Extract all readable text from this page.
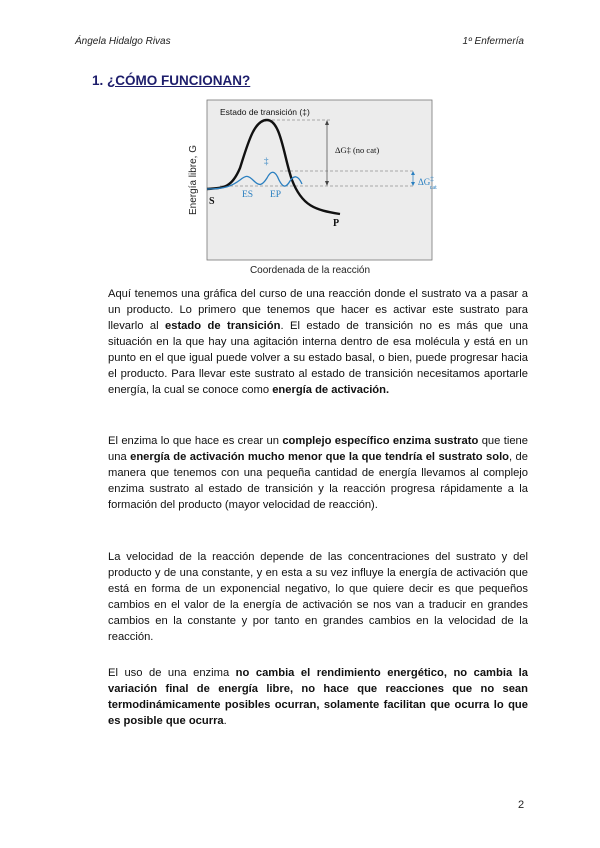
Ángela Hidalgo Rivas	1º Enfermería
1. ¿CÓMO FUNCIONAN?
Energía libre, G
Estado de transición (‡)
ΔG‡ (no cat)
ΔG‡ cat
‡
S
P
ES EP
Coordenada de la reacción
Aquí tenemos una gráfica del curso de una reacción donde el sustrato va a pasar a un producto. Lo primero que tenemos que hacer es activar este sustrato para llevarlo al estado de transición. El estado de transición no es más que una situación en la que hay una agitación interna dentro de esa molécula y está en un punto en el que igual puede volver a su estado basal, o bien, puede progresar hacia el producto. Para llevar este sustrato al estado de transición necesitamos aportarle energía, la cual se conoce como energía de activación.
El enzima lo que hace es crear un complejo específico enzima sustrato que tiene una energía de activación mucho menor que la que tendría el sustrato solo, de manera que tenemos con una pequeña cantidad de energía llevamos al complejo enzima sustrato al estado de transición y la reacción progresa rápidamente a la formación del producto (mayor velocidad de reacción).
La velocidad de la reacción depende de las concentraciones del sustrato y del producto y de una constante, y en esta a su vez influye la energía de activación que está en forma de un exponencial negativo, lo que quiere decir es que pequeños cambios en el valor de la energía de activación se nos van a traducir en grandes cambios en la constante y por tanto en grandes cambios en la velocidad de la reacción.
El uso de una enzima no cambia el rendimiento energético, no cambia la variación final de energía libre, no hace que reacciones que no sean termodinámicamente posibles ocurran, solamente facilitan que ocurra lo que es posible que ocurra.
2
